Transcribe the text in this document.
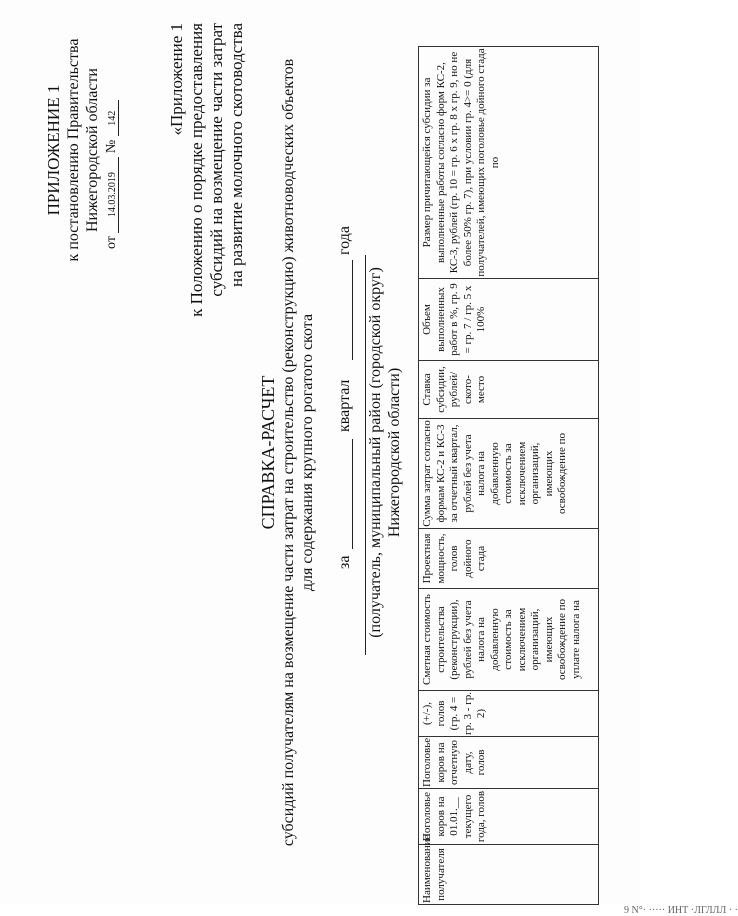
ПРИЛОЖЕНИЕ 1 к постановлению Правительства Нижегородской области
от 14.03.2019 № 142	«Приложение 1 к Положению о порядке предоставления субсидий на возмещение части затрат на развитие молочного скотоводства
СПРАВКА-РАСЧЕТ субсидий получателям на возмещение части затрат на строительство (реконструкцию) животноводческих объектов для содержания крупного рогатого скота за
квартал
года
(получатель, муниципальный район (городской округ) Нижегородской области)
Наименование получателя	Поголовье коров на 01.01.__ текущего года, голов	Поголовье коров на отчетную дату, голов	(+/-), голов (гр. 4 = гр. 3 - гр. 2)	Сметная стоимость строительства (реконструкции), рублей без учета налога на добавленную стоимость за исключением организаций, имеющих освобождение по уплате налога на	Проектная мощность, голов дойного стада	Сумма затрат согласно формам КС-2 и КС-3 за отчетный квартал, рублей без учета налога на добавленную стоимость за исключением организаций, имеющих освобождение по	Ставка субсидии, рублей/ското-место	Объем выполненных работ в %, гр. 9 = гр. 7 / гр. 5 х 100%	Размер причитающейся субсидии за выполненные работы согласно форм КС-2, КС-3, рублей (гр. 10 = гр. 6 х гр. 8 х гр. 9, но не более 50% гр. 7), при условии гр. 4>= 0 (для получателей, имеющих поголовье дойного стада по
9 N°· ····· ИНТ ·ЛГЛЛЛ · ·
